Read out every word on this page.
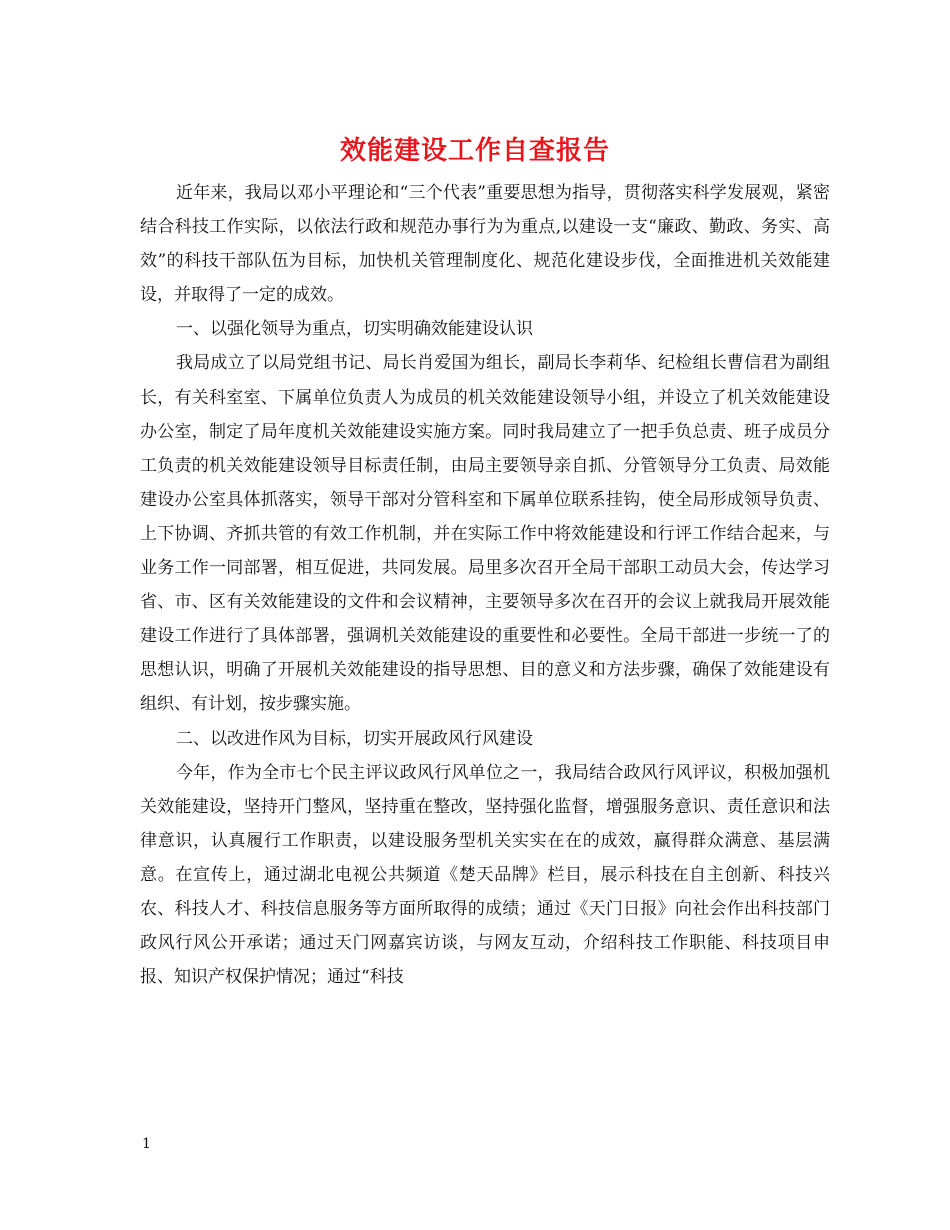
效能建设工作自查报告

近年来，我局以邓小平理论和“三个代表”重要思想为指导，贯彻落实科学发展观，紧密结合科技工作实际，以依法行政和规范办事行为为重点,以建设一支“廉政、勤政、务实、高效”的科技干部队伍为目标，加快机关管理制度化、规范化建设步伐，全面推进机关效能建设，并取得了一定的成效。

一、以强化领导为重点，切实明确效能建设认识

我局成立了以局党组书记、局长肖爱国为组长，副局长李莉华、纪检组长曹信君为副组长，有关科室室、下属单位负责人为成员的机关效能建设领导小组，并设立了机关效能建设办公室，制定了局年度机关效能建设实施方案。同时我局建立了一把手负总责、班子成员分工负责的机关效能建设领导目标责任制，由局主要领导亲自抓、分管领导分工负责、局效能建设办公室具体抓落实，领导干部对分管科室和下属单位联系挂钩，使全局形成领导负责、上下协调、齐抓共管的有效工作机制，并在实际工作中将效能建设和行评工作结合起来，与业务工作一同部署，相互促进，共同发展。局里多次召开全局干部职工动员大会，传达学习省、市、区有关效能建设的文件和会议精神，主要领导多次在召开的会议上就我局开展效能建设工作进行了具体部署，强调机关效能建设的重要性和必要性。全局干部进一步统一了的思想认识，明确了开展机关效能建设的指导思想、目的意义和方法步骤，确保了效能建设有组织、有计划，按步骤实施。

二、以改进作风为目标，切实开展政风行风建设

今年，作为全市七个民主评议政风行风单位之一，我局结合政风行风评议，积极加强机关效能建设，坚持开门整风，坚持重在整改，坚持强化监督，增强服务意识、责任意识和法律意识，认真履行工作职责，以建设服务型机关实实在在的成效，赢得群众满意、基层满意。在宣传上，通过湖北电视公共频道《楚天品牌》栏目，展示科技在自主创新、科技兴农、科技人才、科技信息服务等方面所取得的成绩；通过《天门日报》向社会作出科技部门政风行风公开承诺；通过天门网嘉宾访谈，与网友互动，介绍科技工作职能、科技项目申报、知识产权保护情况；通过“科技

1
